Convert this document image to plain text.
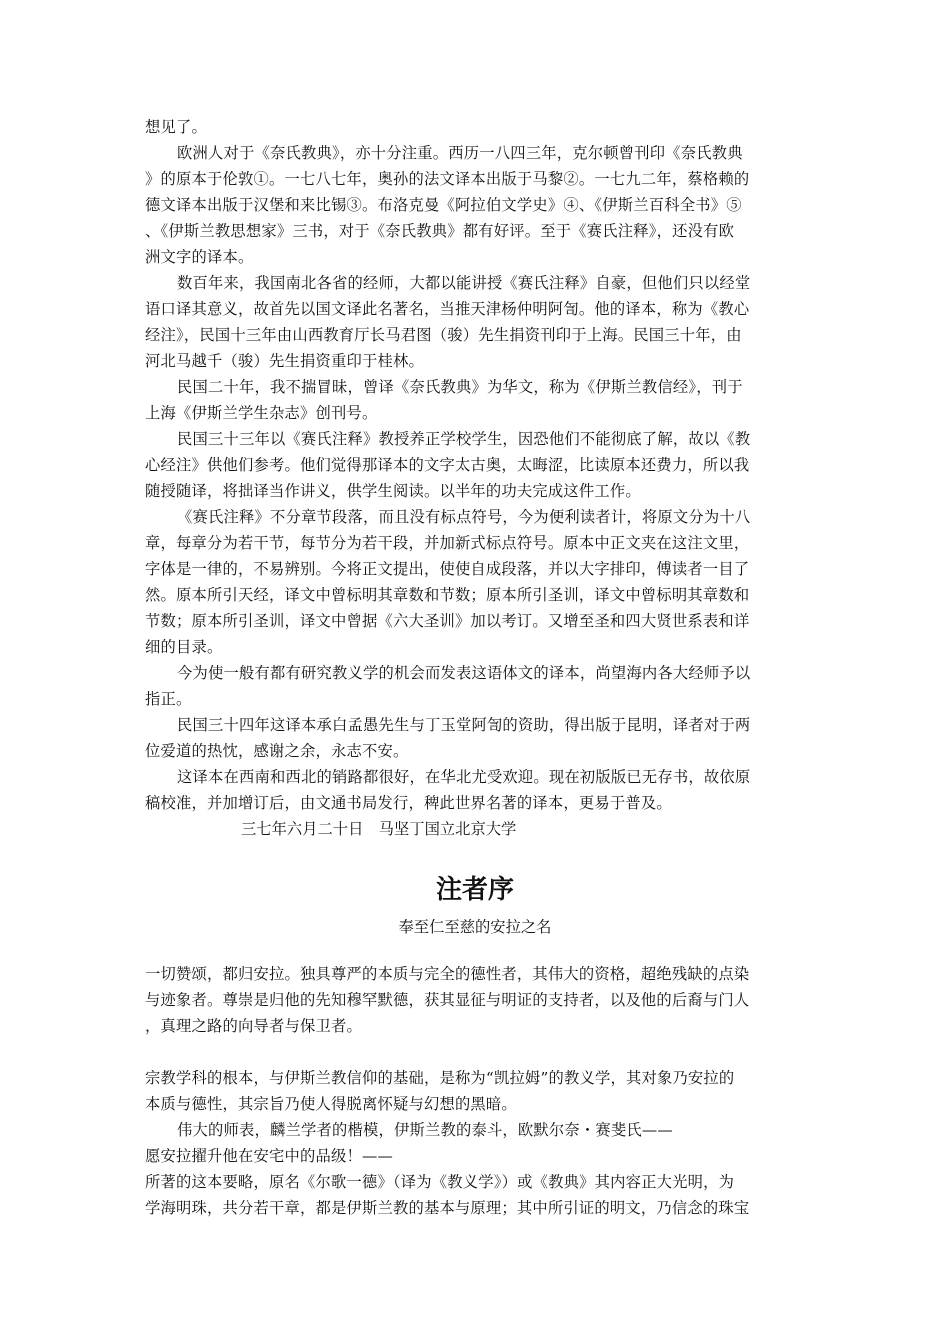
想见了。
欧洲人对于《奈氏教典》，亦十分注重。西历一八四三年，克尔顿曾刊印《奈氏教典
》的原本于伦敦①。一七八七年，奥孙的法文译本出版于马黎②。一七九二年，蔡格赖的
德文译本出版于汉堡和来比锡③。布洛克曼《阿拉伯文学史》④、《伊斯兰百科全书》⑤
、《伊斯兰教思想家》三书，对于《奈氏教典》都有好评。至于《赛氏注释》，还没有欧
洲文字的译本。
数百年来，我国南北各省的经师，大都以能讲授《赛氏注释》自豪，但他们只以经堂
语口译其意义，故首先以国文译此名著名，当推天津杨仲明阿訇。他的译本，称为《教心
经注》，民国十三年由山西教育厅长马君图（骏）先生捐资刊印于上海。民国三十年，由
河北马越千（骏）先生捐资重印于桂林。
民国二十年，我不揣冒昧，曾译《奈氏教典》为华文，称为《伊斯兰教信经》，刊于
上海《伊斯兰学生杂志》创刊号。
民国三十三年以《赛氏注释》教授养正学校学生，因恐他们不能彻底了解，故以《教
心经注》供他们参考。他们觉得那译本的文字太古奥，太晦涩，比读原本还费力，所以我
随授随译，将拙译当作讲义，供学生阅读。以半年的功夫完成这件工作。
《赛氏注释》不分章节段落，而且没有标点符号，今为便利读者计，将原文分为十八
章，每章分为若干节，每节分为若干段，并加新式标点符号。原本中正文夹在这注文里，
字体是一律的，不易辨别。今将正文提出，使使自成段落，并以大字排印，傅读者一目了
然。原本所引天经，译文中曾标明其章数和节数；原本所引圣训，译文中曾标明其章数和
节数；原本所引圣训，译文中曾据《六大圣训》加以考订。又增至圣和四大贤世系表和详
细的目录。
今为使一般有都有研究教义学的机会而发表这语体文的译本，尚望海内各大经师予以
指正。
民国三十四年这译本承白孟愚先生与丁玉堂阿訇的资助，得出版于昆明，译者对于两
位爱道的热忱，感谢之余，永志不安。
这译本在西南和西北的销路都很好，在华北尤受欢迎。现在初版版已无存书，故依原
稿校准，并加增订后，由文通书局发行，稗此世界名著的译本，更易于普及。
三七年六月二十日　马坚丁国立北京大学
注者序
奉至仁至慈的安拉之名
一切赞颂，都归安拉。独具尊严的本质与完全的德性者，其伟大的资格，超绝残缺的点染
与迹象者。尊崇是归他的先知穆罕默德，获其显征与明证的支持者，以及他的后裔与门人
，真理之路的向导者与保卫者。
宗教学科的根本，与伊斯兰教信仰的基础，是称为“凯拉姆”的教义学，其对象乃安拉的
本质与德性，其宗旨乃使人得脱离怀疑与幻想的黑暗。
伟大的师表，麟兰学者的楷模，伊斯兰教的泰斗，欧默尔奈・赛斐氏——
愿安拉擢升他在安宅中的品级！——
所著的这本要略，原名《尔歌一德》（译为《教义学》）或《教典》其内容正大光明，为
学海明珠，共分若干章，都是伊斯兰教的基本与原理；其中所引证的明文，乃信念的珠宝
